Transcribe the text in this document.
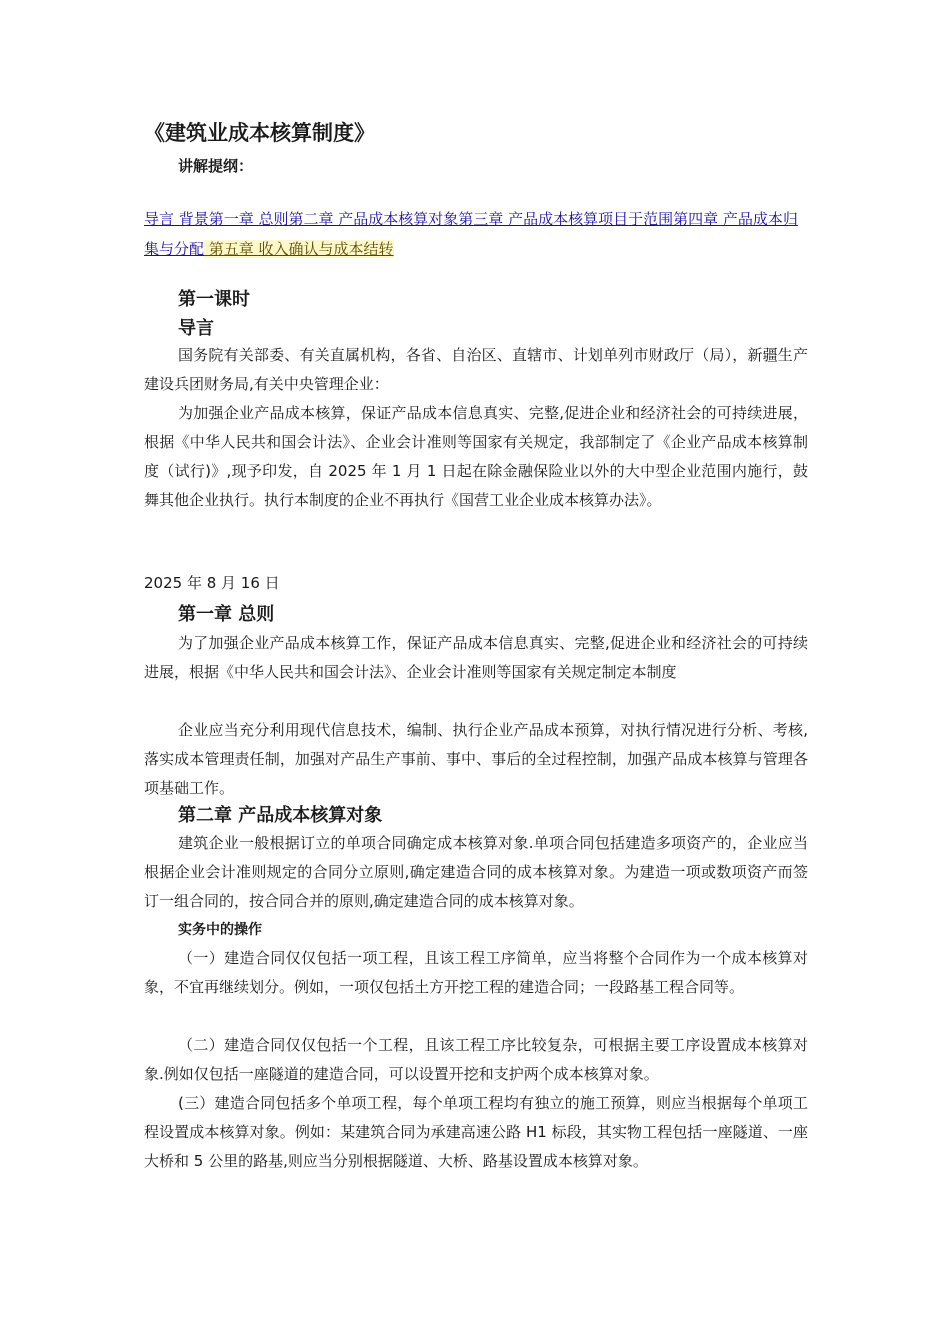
《建筑业成本核算制度》
讲解提纲：
导言 背景第一章 总则第二章 产品成本核算对象第三章 产品成本核算项目于范围第四章 产品成本归集与分配 第五章 收入确认与成本结转
第一课时
导言
国务院有关部委、有关直属机构，各省、自治区、直辖市、计划单列市财政厅（局），新疆生产建设兵团财务局,有关中央管理企业：
为加强企业产品成本核算，保证产品成本信息真实、完整,促进企业和经济社会的可持续进展，根据《中华人民共和国会计法》、企业会计准则等国家有关规定，我部制定了《企业产品成本核算制度（试行)》,现予印发，自 2025 年 1 月 1 日起在除金融保险业以外的大中型企业范围内施行，鼓舞其他企业执行。执行本制度的企业不再执行《国营工业企业成本核算办法》。
2025 年 8 月 16 日
第一章 总则
为了加强企业产品成本核算工作，保证产品成本信息真实、完整,促进企业和经济社会的可持续进展，根据《中华人民共和国会计法》、企业会计准则等国家有关规定制定本制度
企业应当充分利用现代信息技术，编制、执行企业产品成本预算，对执行情况进行分析、考核,落实成本管理责任制，加强对产品生产事前、事中、事后的全过程控制，加强产品成本核算与管理各项基础工作。
第二章 产品成本核算对象
建筑企业一般根据订立的单项合同确定成本核算对象.单项合同包括建造多项资产的，企业应当根据企业会计准则规定的合同分立原则,确定建造合同的成本核算对象。为建造一项或数项资产而签订一组合同的，按合同合并的原则,确定建造合同的成本核算对象。
实务中的操作
（一）建造合同仅仅包括一项工程，且该工程工序简单，应当将整个合同作为一个成本核算对象，不宜再继续划分。例如，一项仅包括土方开挖工程的建造合同；一段路基工程合同等。
（二）建造合同仅仅包括一个工程，且该工程工序比较复杂，可根据主要工序设置成本核算对象.例如仅包括一座隧道的建造合同，可以设置开挖和支护两个成本核算对象。
(三）建造合同包括多个单项工程，每个单项工程均有独立的施工预算，则应当根据每个单项工程设置成本核算对象。例如：某建筑合同为承建高速公路 H1 标段，其实物工程包括一座隧道、一座大桥和 5 公里的路基,则应当分别根据隧道、大桥、路基设置成本核算对象。
